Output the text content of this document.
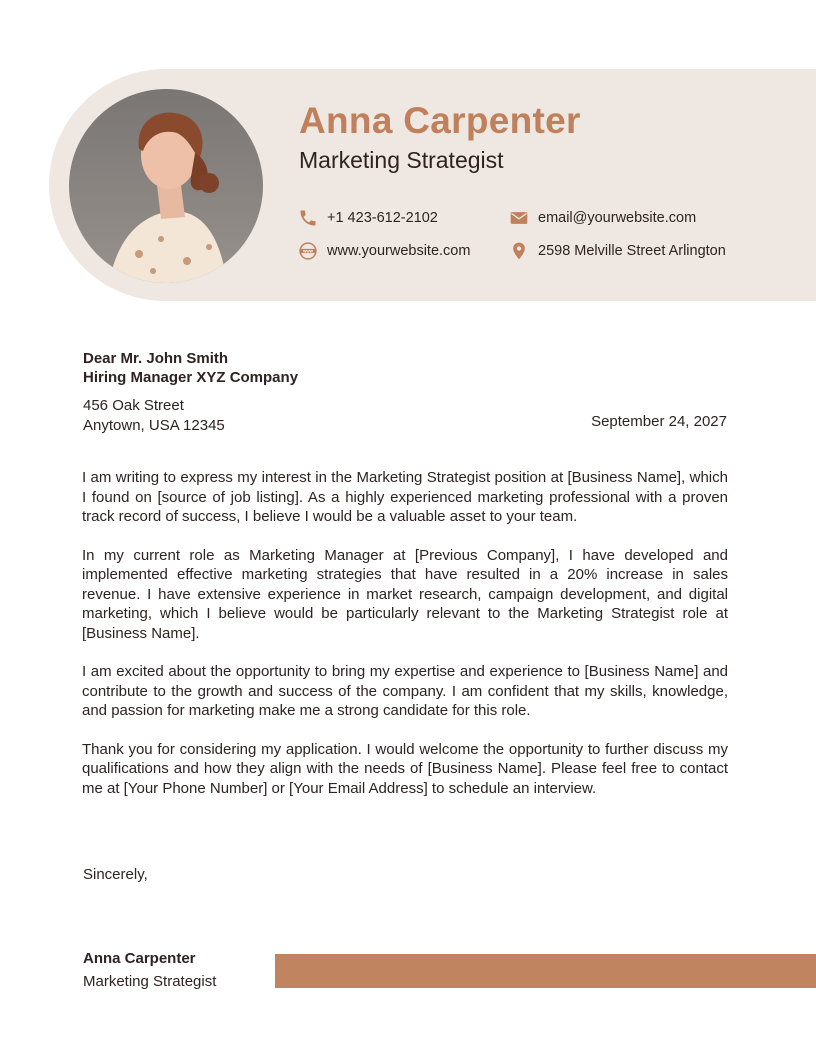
Anna Carpenter
Marketing Strategist
+1 423-612-2102	email@yourwebsite.com
WWW www.yourwebsite.com	2598 Melville Street Arlington
Dear Mr. John Smith
Hiring Manager XYZ Company
456 Oak Street
Anytown, USA 12345	September 24, 2027

I am writing to express my interest in the Marketing Strategist position at [Business Name], which I found on [source of job listing]. As a highly experienced marketing professional with a proven track record of success, I believe I would be a valuable asset to your team.

In my current role as Marketing Manager at [Previous Company], I have developed and implemented effective marketing strategies that have resulted in a 20% increase in sales revenue. I have extensive experience in market research, campaign development, and digital marketing, which I believe would be particularly relevant to the Marketing Strategist role at [Business Name].

I am excited about the opportunity to bring my expertise and experience to [Business Name] and contribute to the growth and success of the company. I am confident that my skills, knowledge, and passion for marketing make me a strong candidate for this role.

Thank you for considering my application. I would welcome the opportunity to further discuss my qualifications and how they align with the needs of [Business Name]. Please feel free to contact me at [Your Phone Number] or [Your Email Address] to schedule an interview.

Sincerely,
Anna Carpenter
Marketing Strategist
